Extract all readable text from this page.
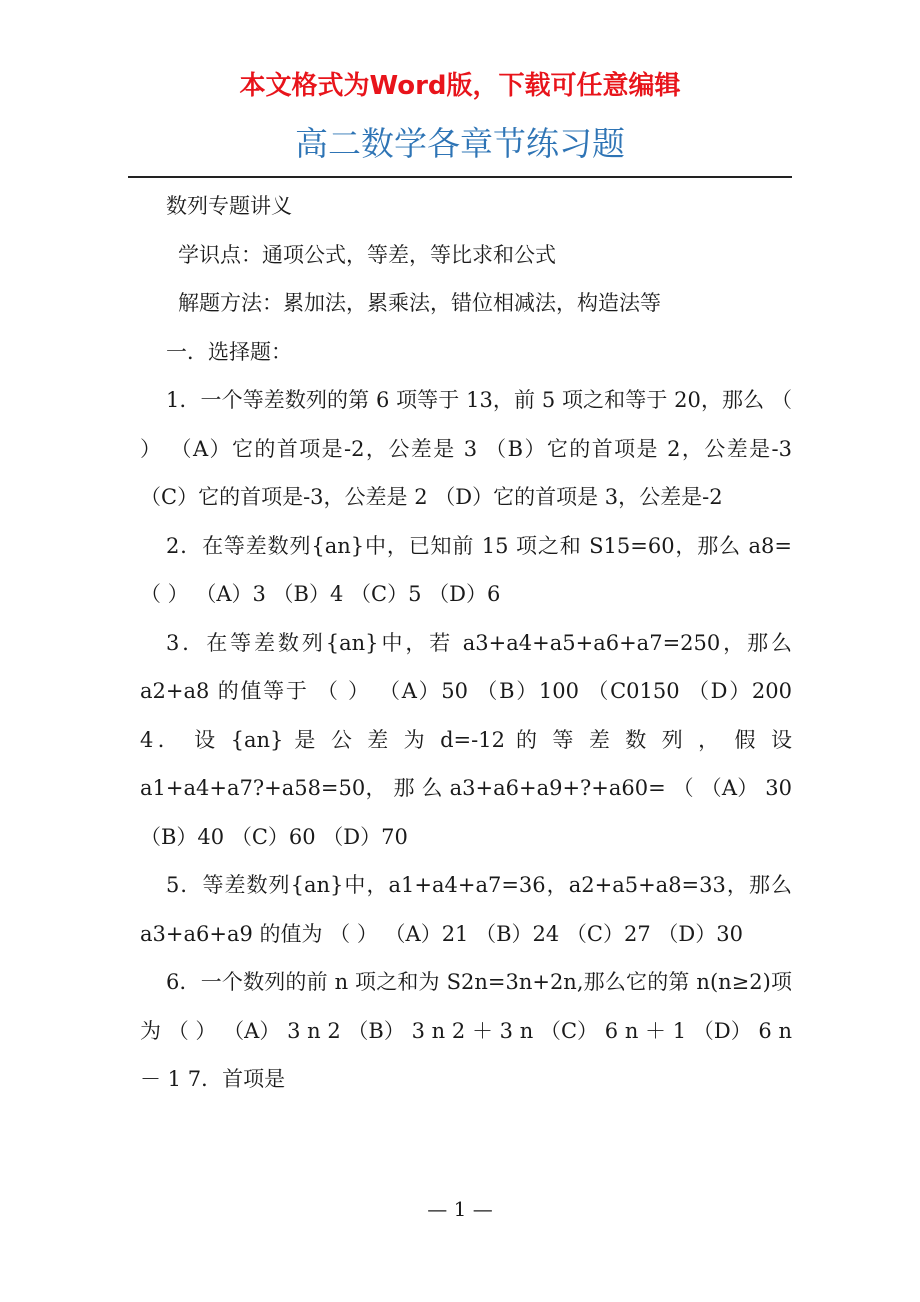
本文格式为Word版，下载可任意编辑
高二数学各章节练习题

数列专题讲义

学识点：通项公式，等差，等比求和公式

解题方法：累加法，累乘法，错位相减法，构造法等

一．选择题：

1．一个等差数列的第 6 项等于 13，前 5 项之和等于 20，那么 （ ） （A）它的首项是-2，公差是 3 （B）它的首项是 2，公差是-3 （C）它的首项是-3，公差是 2 （D）它的首项是 3，公差是-2

2．在等差数列{an}中，已知前 15 项之和 S15=60，那么 a8= （ ） （A）3 （B）4 （C）5 （D）6

3．在等差数列{an}中，若 a3+a4+a5+a6+a7=250，那么 a2+a8 的值等于 （ ） （A）50 （B）100 （C0150 （D）200 4． 设 {an} 是 公 差 为 d=-12 的 等 差 数 列 ， 假 设 a1+a4+a7?+a58=50， 那 么 a3+a6+a9+?+a60= （ （A） 30 （B）40 （C）60 （D）70

5．等差数列{an}中，a1+a4+a7=36，a2+a5+a8=33，那么 a3+a6+a9 的值为 （ ） （A）21 （B）24 （C）27 （D）30

6．一个数列的前 n 项之和为 S2n=3n+2n,那么它的第 n(n≥2)项为 （ ） （A） 3 n 2 （B） 3 n 2 ＋ 3 n （C） 6 n ＋ 1 （D） 6 n － 1 7．首项是

— 1 —
